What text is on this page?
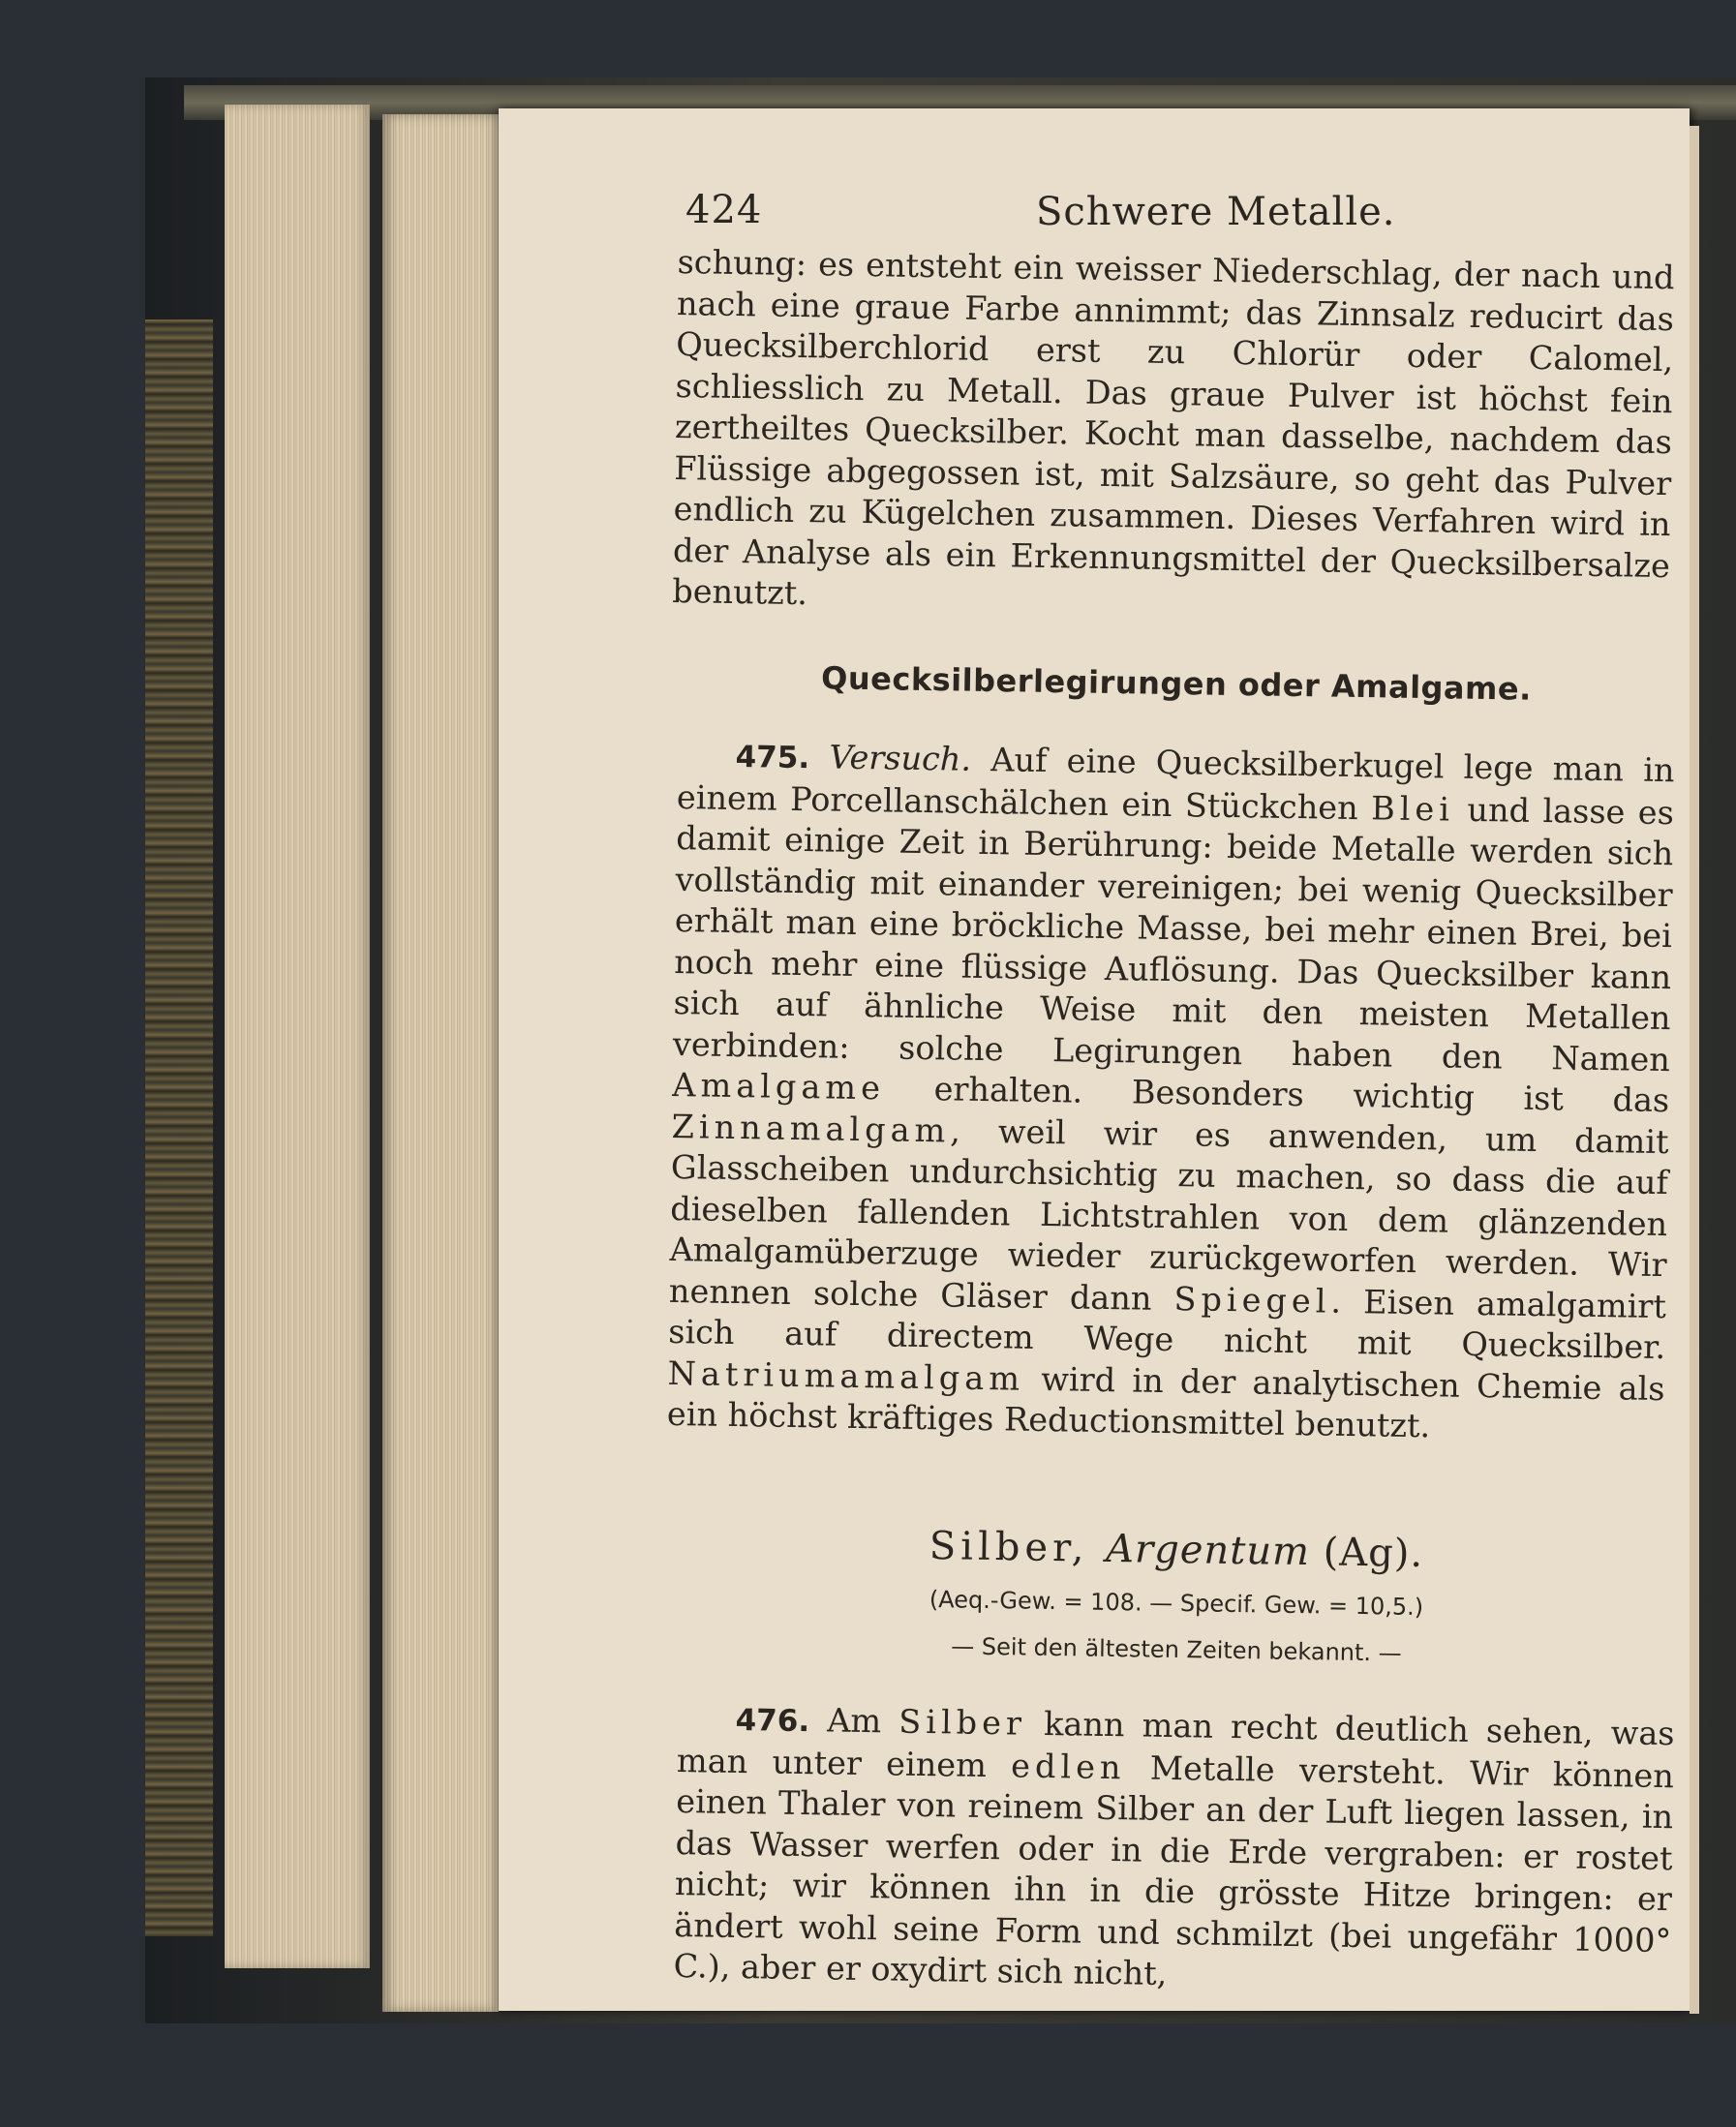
424	Schwere Metalle.

schung: es entsteht ein weisser Niederschlag, der nach und nach eine graue Farbe annimmt; das Zinnsalz reducirt das Quecksilberchlorid erst zu Chlorür oder Calomel, schliesslich zu Metall. Das graue Pulver ist höchst fein zertheiltes Quecksilber. Kocht man dasselbe, nachdem das Flüssige abgegossen ist, mit Salzsäure, so geht das Pulver endlich zu Kügelchen zusammen. Dieses Verfahren wird in der Analyse als ein Erkennungsmittel der Quecksilbersalze benutzt.

Quecksilberlegirungen oder Amalgame.

475. Versuch. Auf eine Quecksilberkugel lege man in einem Porcellanschälchen ein Stückchen Blei und lasse es damit einige Zeit in Berührung: beide Metalle werden sich vollständig mit einander vereinigen; bei wenig Quecksilber erhält man eine bröckliche Masse, bei mehr einen Brei, bei noch mehr eine flüssige Auflösung. Das Quecksilber kann sich auf ähnliche Weise mit den meisten Metallen verbinden: solche Legirungen haben den Namen Amalgame erhalten. Besonders wichtig ist das Zinnamalgam, weil wir es anwenden, um damit Glasscheiben undurchsichtig zu machen, so dass die auf dieselben fallenden Lichtstrahlen von dem glänzenden Amalgamüberzuge wieder zurückgeworfen werden. Wir nennen solche Gläser dann Spiegel. Eisen amalgamirt sich auf directem Wege nicht mit Quecksilber. Natriumamalgam wird in der analytischen Chemie als ein höchst kräftiges Reductionsmittel benutzt.

Silber, Argentum (Ag).

(Aeq.-Gew. = 108. — Specif. Gew. = 10,5.)

— Seit den ältesten Zeiten bekannt. —

476. Am Silber kann man recht deutlich sehen, was man unter einem edlen Metalle versteht. Wir können einen Thaler von reinem Silber an der Luft liegen lassen, in das Wasser werfen oder in die Erde vergraben: er rostet nicht; wir können ihn in die grösste Hitze bringen: er ändert wohl seine Form und schmilzt (bei ungefähr 1000° C.), aber er oxydirt sich nicht,
